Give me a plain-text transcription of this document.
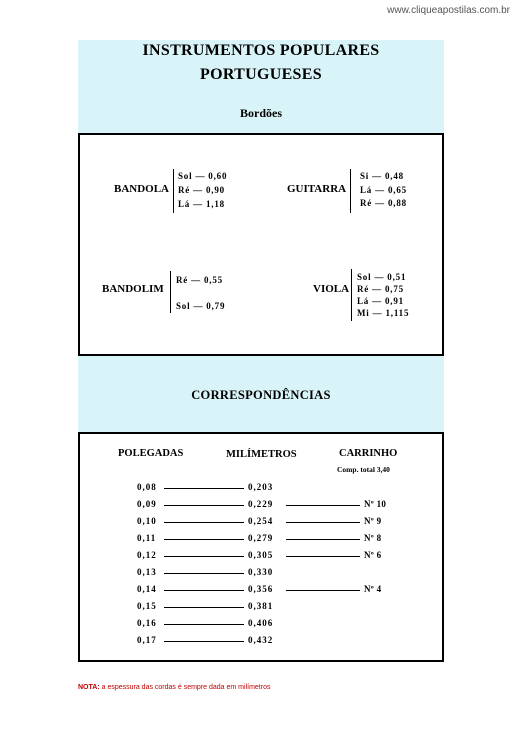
www.cliqueapostilas.com.br
INSTRUMENTOS POPULARES
PORTUGUESES
Bordões
BANDOLA
Sol — 0,60
Ré — 0,90
Lá — 1,18
GUITARRA
Si — 0,48
Lá — 0,65
Ré — 0,88
BANDOLIM
Ré — 0,55
Sol — 0,79
VIOLA
Sol — 0,51
Ré — 0,75
Lá — 0,91
Mi — 1,115
CORRESPONDÊNCIAS
POLEGADAS	MILÍMETROS	CARRINHO
Comp. total 3,40
0,08	0,203
0,09	0,229	Nº 10
0,10	0,254	Nº 9
0,11	0,279	Nº 8
0,12	0,305	Nº 6
0,13	0,330
0,14	0,356	Nº 4
0,15	0,381
0,16	0,406
0,17	0,432
NOTA: a espessura das cordas é sempre dada em milímetros
